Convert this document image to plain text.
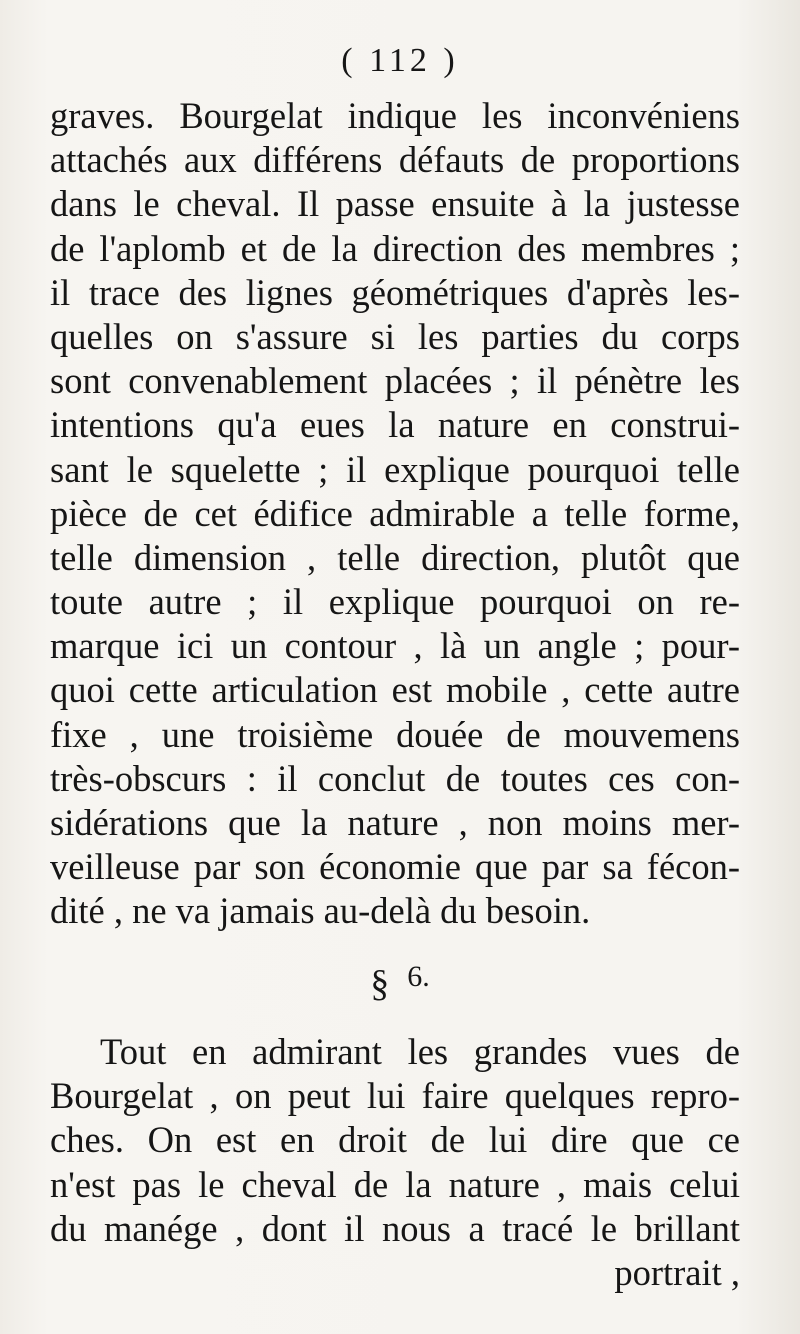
( 112 )
graves. Bourgelat indique les inconvéniens
attachés aux différens défauts de proportions
dans le cheval. Il passe ensuite à la justesse
de l'aplomb et de la direction des membres ;
il trace des lignes géométriques d'après les-
quelles on s'assure si les parties du corps
sont convenablement placées ; il pénètre les
intentions qu'a eues la nature en construi-
sant le squelette ; il explique pourquoi telle
pièce de cet édifice admirable a telle forme,
telle dimension , telle direction, plutôt que
toute autre ; il explique pourquoi on re-
marque ici un contour , là un angle ; pour-
quoi cette articulation est mobile , cette autre
fixe , une troisième douée de mouvemens
très-obscurs : il conclut de toutes ces con-
sidérations que la nature , non moins mer-
veilleuse par son économie que par sa fécon-
dité , ne va jamais au-delà du besoin.
§ $^{6.}$
Tout en admirant les grandes vues de
Bourgelat , on peut lui faire quelques repro-
ches. On est en droit de lui dire que ce
n'est pas le cheval de la nature , mais celui
du manége , dont il nous a tracé le brillant
portrait ,
